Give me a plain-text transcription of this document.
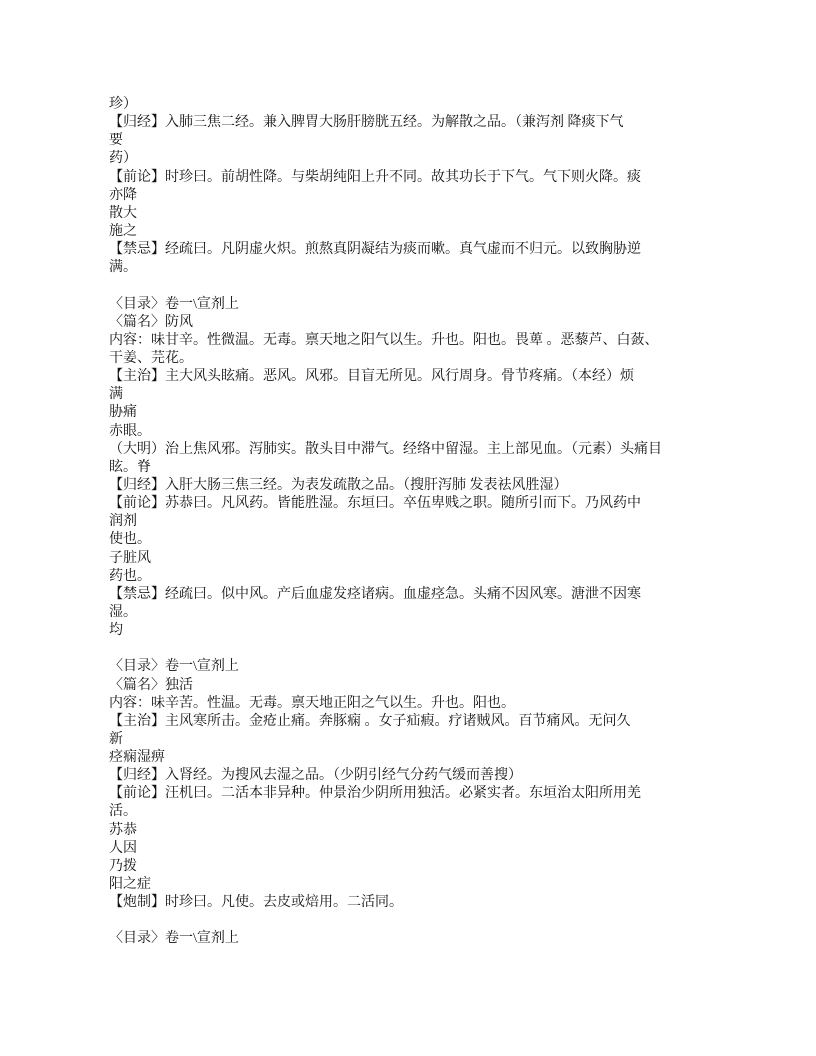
珍）
【归经】入肺三焦二经。兼入脾胃大肠肝膀胱五经。为解散之品。（兼泻剂 降痰下气
要
药）
【前论】时珍曰。前胡性降。与柴胡纯阳上升不同。故其功长于下气。气下则火降。痰
亦降
散大
施之
【禁忌】经疏曰。凡阴虚火炽。煎熬真阴凝结为痰而嗽。真气虚而不归元。以致胸胁逆
满。
〈目录〉卷一\宣剂上
〈篇名〉防风
内容：味甘辛。性微温。无毒。禀天地之阳气以生。升也。阳也。畏萆 。恶藜芦、白蔹、
干姜、芫花。
【主治】主大风头眩痛。恶风。风邪。目盲无所见。风行周身。骨节疼痛。（本经）烦
满
胁痛
赤眼。
（大明）治上焦风邪。泻肺实。散头目中滞气。经络中留湿。主上部见血。（元素）头痛目
眩。脊
【归经】入肝大肠三焦三经。为表发疏散之品。（搜肝泻肺 发表祛风胜湿）
【前论】苏恭曰。凡风药。皆能胜湿。东垣曰。卒伍卑贱之职。随所引而下。乃风药中
润剂
使也。
子脏风
药也。
【禁忌】经疏曰。似中风。产后血虚发痉诸病。血虚痉急。头痛不因风寒。溏泄不因寒
湿。
均
〈目录〉卷一\宣剂上
〈篇名〉独活
内容：味辛苦。性温。无毒。禀天地正阳之气以生。升也。阳也。
【主治】主风寒所击。金疮止痛。奔豚痫 。女子疝瘕。疗诸贼风。百节痛风。无问久
新
痉痫湿痹
【归经】入肾经。为搜风去湿之品。（少阴引经气分药气缓而善搜）
【前论】汪机曰。二活本非异种。仲景治少阴所用独活。必紧实者。东垣治太阳所用羌
活。
苏恭
人因
乃拨
阳之症
【炮制】时珍曰。凡使。去皮或焙用。二活同。
〈目录〉卷一\宣剂上
